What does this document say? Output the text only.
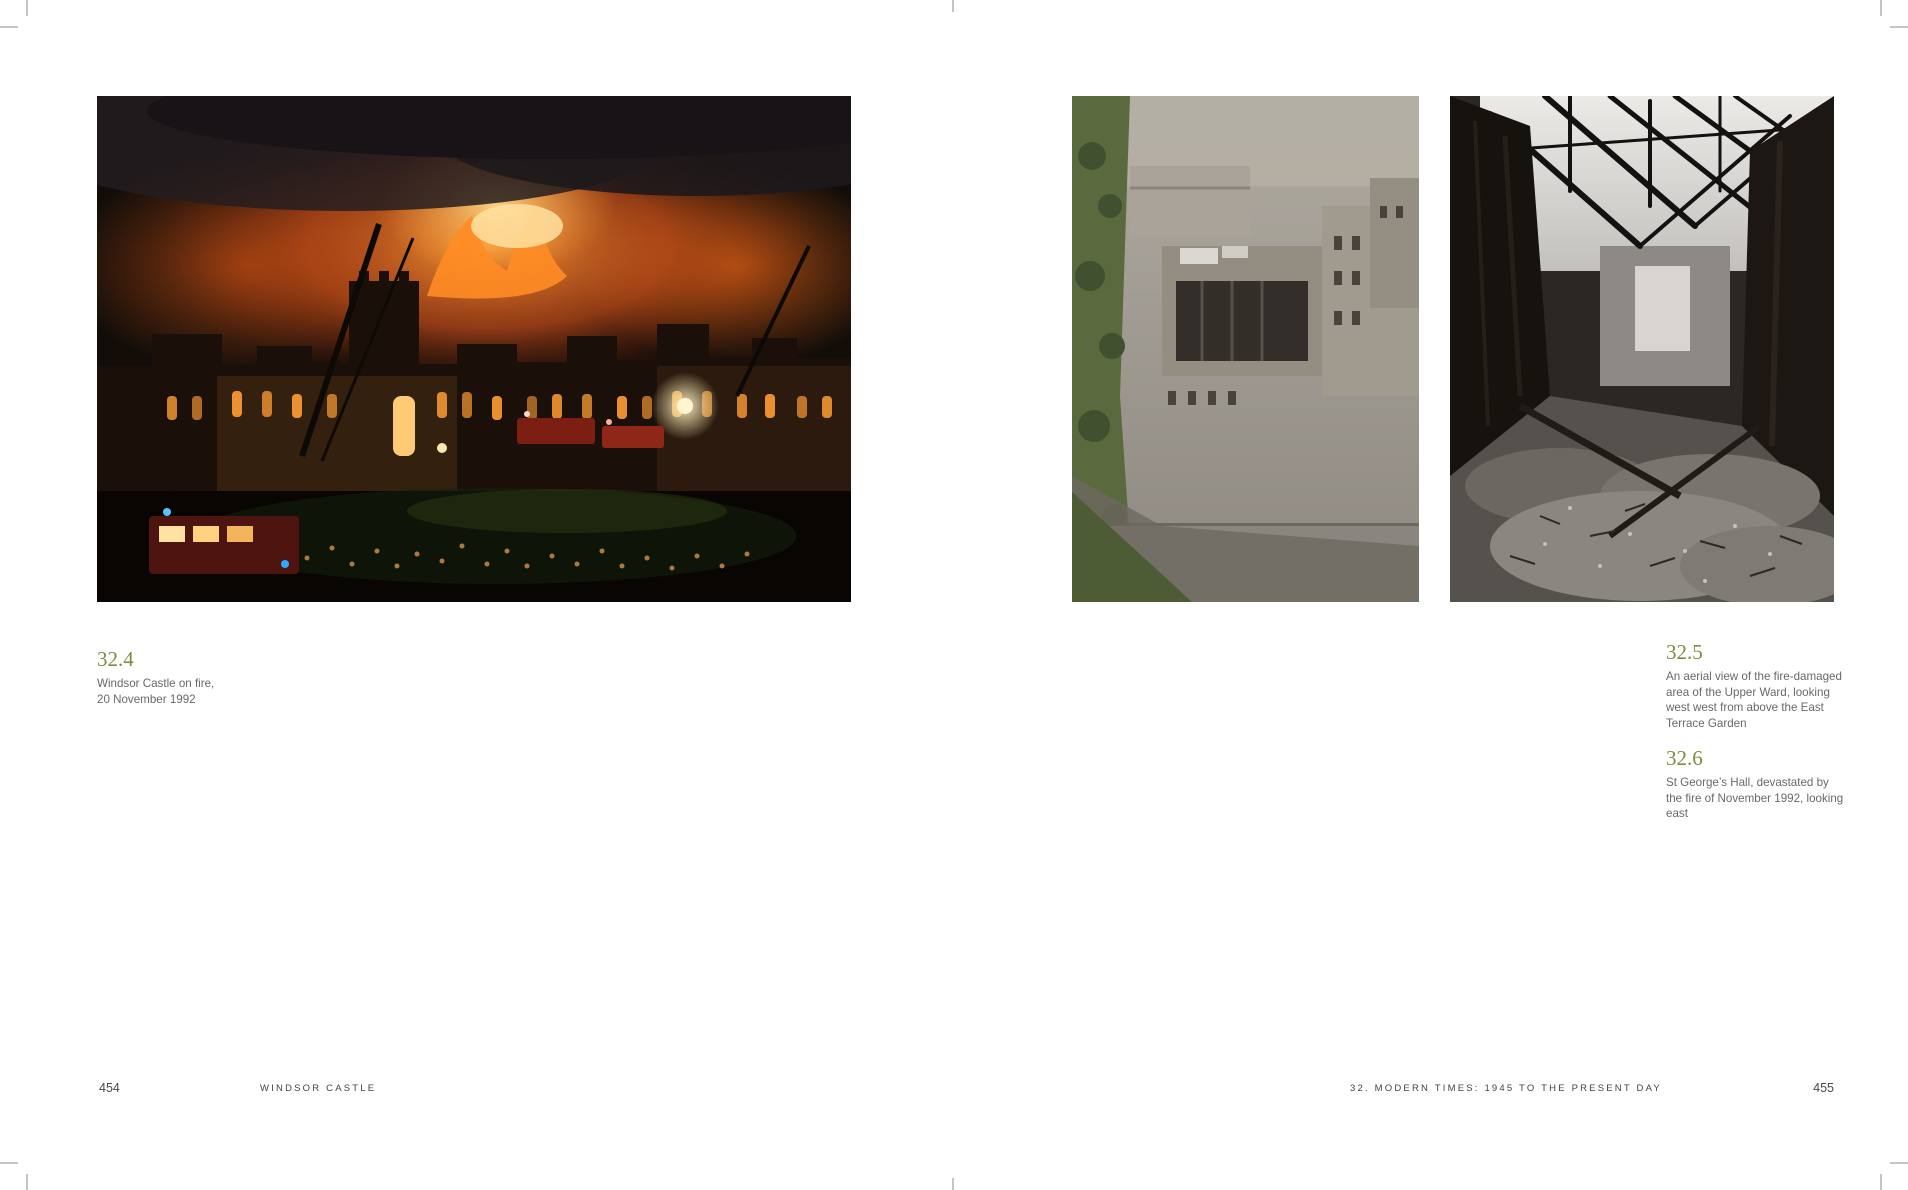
32.4
Windsor Castle on fire,
20 November 1992
454	WINDSOR CASTLE
32.5

An aerial view of the fire-damaged area of the Upper Ward, looking west west from above the East Terrace Garden

32.6

St George’s Hall, devastated by the fire of November 1992, looking east

32. MODERN TIMES: 1945 TO THE PRESENT DAY	455
